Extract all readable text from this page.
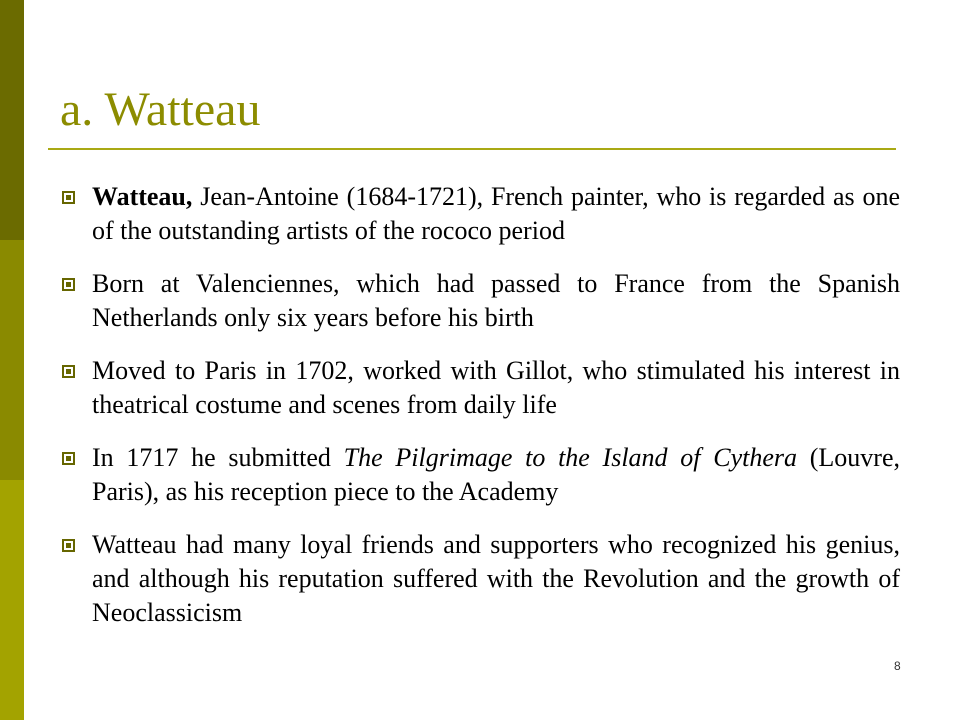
a. Watteau
Watteau, Jean-Antoine (1684-1721), French painter, who is regarded as one of the outstanding artists of the rococo period
Born at Valenciennes, which had passed to France from the Spanish Netherlands only six years before his birth
Moved to Paris in 1702, worked with Gillot, who stimulated his interest in theatrical costume and scenes from daily life
In 1717 he submitted The Pilgrimage to the Island of Cythera (Louvre, Paris), as his reception piece to the Academy
Watteau had many loyal friends and supporters who recognized his genius, and although his reputation suffered with the Revolution and the growth of Neoclassicism
8
